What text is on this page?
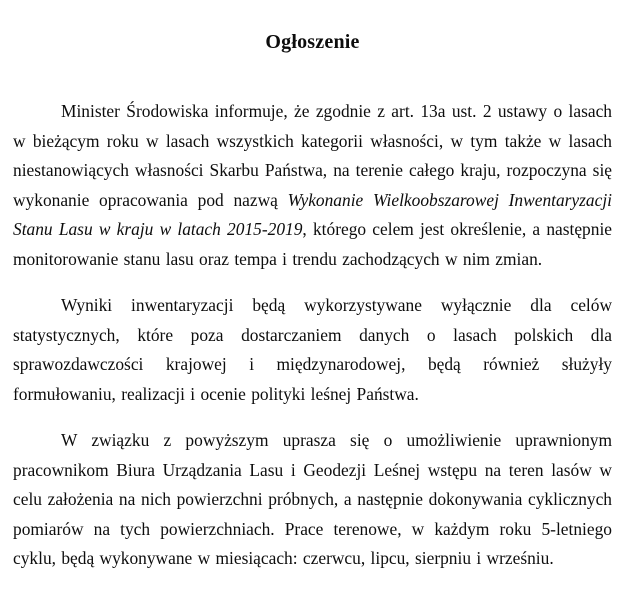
Ogłoszenie

Minister Środowiska informuje, że zgodnie z art. 13a ust. 2 ustawy o lasach w bieżącym roku w lasach wszystkich kategorii własności, w tym także w lasach niestanowiących własności Skarbu Państwa, na terenie całego kraju, rozpoczyna się wykonanie opracowania pod nazwą Wykonanie Wielkoobszarowej Inwentaryzacji Stanu Lasu w kraju w latach 2015-2019, którego celem jest określenie, a następnie monitorowanie stanu lasu oraz tempa i trendu zachodzących w nim zmian.

Wyniki inwentaryzacji będą wykorzystywane wyłącznie dla celów statystycznych, które poza dostarczaniem danych o lasach polskich dla sprawozdawczości krajowej i międzynarodowej, będą również służyły formułowaniu, realizacji i ocenie polityki leśnej Państwa.

W związku z powyższym uprasza się o umożliwienie uprawnionym pracownikom Biura Urządzania Lasu i Geodezji Leśnej wstępu na teren lasów w celu założenia na nich powierzchni próbnych, a następnie dokonywania cyklicznych pomiarów na tych powierzchniach. Prace terenowe, w każdym roku 5-letniego cyklu, będą wykonywane w miesiącach: czerwcu, lipcu, sierpniu i wrześniu.
